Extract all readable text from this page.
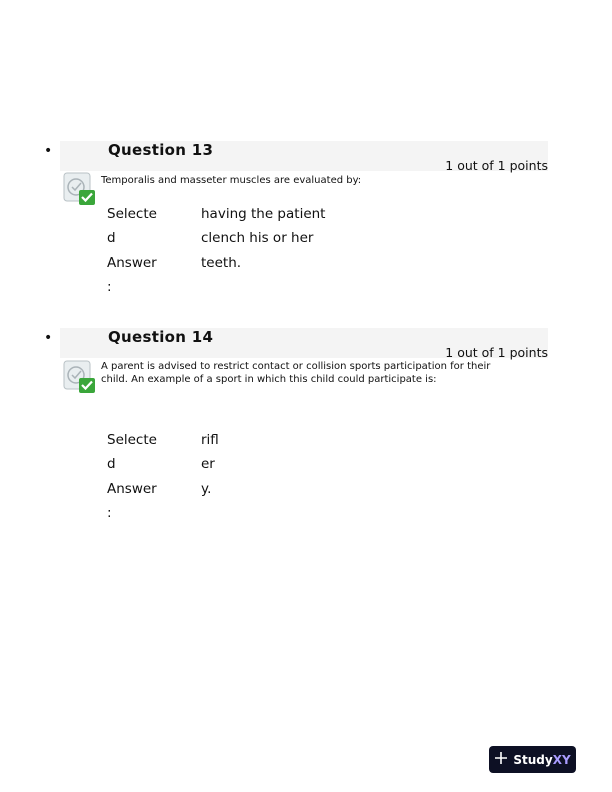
•	Question 13
1 out of 1 points
Temporalis and masseter muscles are evaluated by:
Selecte
d
Answer
:
having the patient
clench his or her
teeth.
•	Question 14
1 out of 1 points
A parent is advised to restrict contact or collision sports participation for their
child. An example of a sport in which this child could participate is:
Selecte
d
Answer
:
rifl
er
y.
StudyXY
